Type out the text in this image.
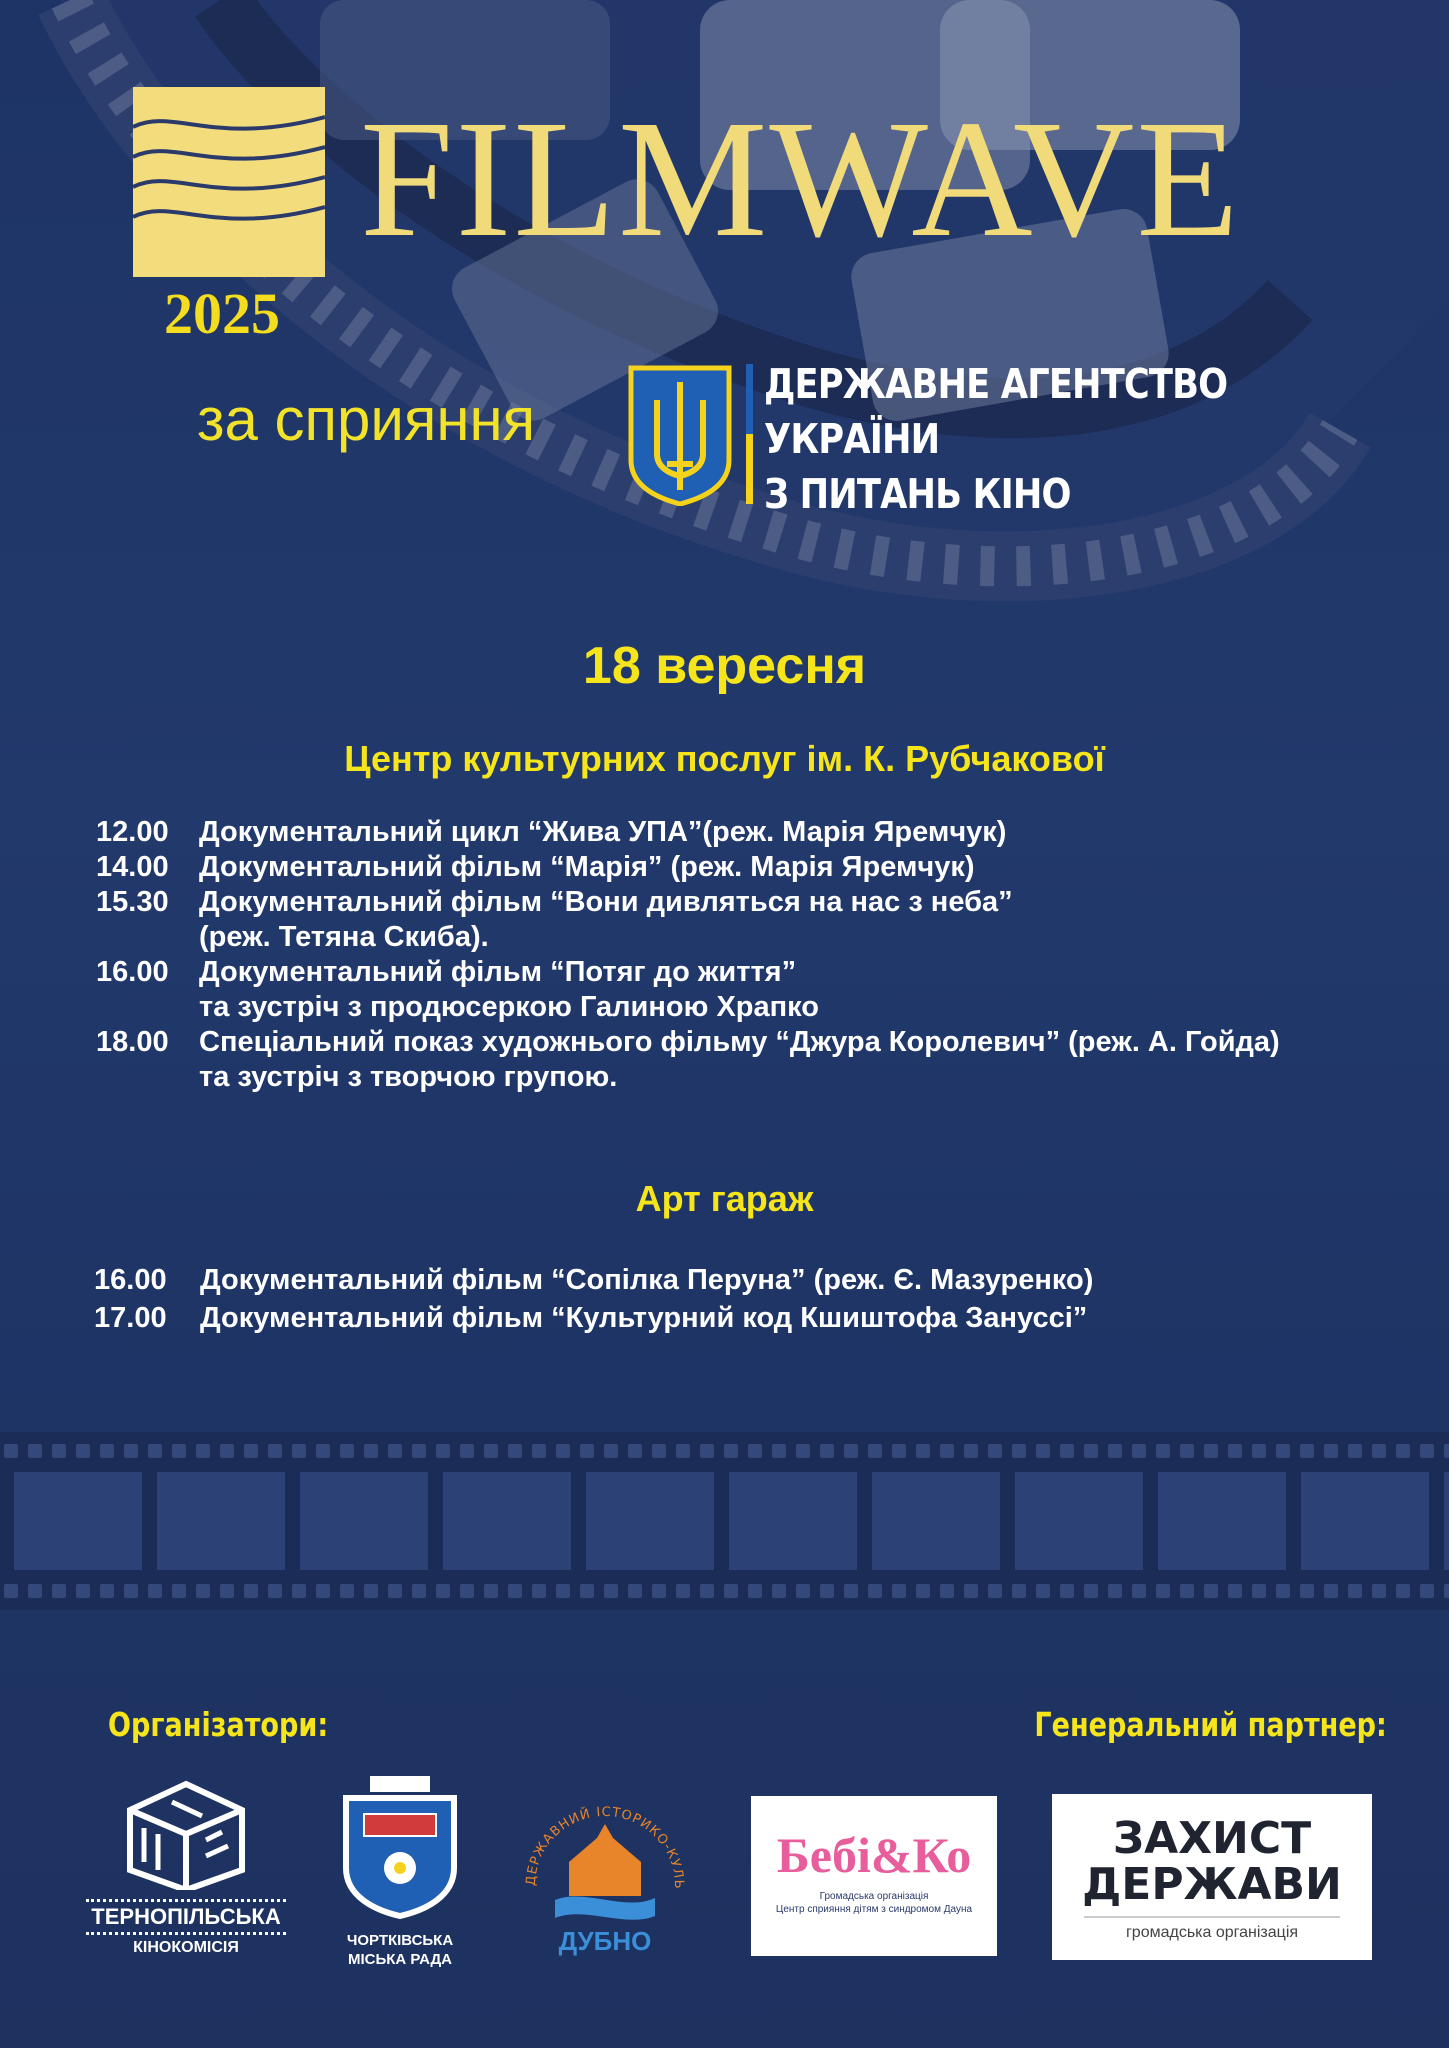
FILMWAVE
2025
за сприяння
ДЕРЖАВНЕ АГЕНТСТВО
УКРАЇНИ
З ПИТАНЬ КІНО
18 вересня
Центр культурних послуг ім. К. Рубчакової
12.00	Документальний цикл “Жива УПА”(реж. Марія Яремчук)
14.00	Документальний фільм “Марія” (реж. Марія Яремчук)
15.30	Документальний фільм “Вони дивляться на нас з неба”
(реж. Тетяна Скиба).
16.00	Документальний фільм “Потяг до життя”
та зустріч з продюсеркою Галиною Храпко
18.00	Спеціальний показ художнього фільму “Джура Королевич” (реж. А. Гойда)
та зустріч з творчою групою.
Арт гараж
16.00	Документальний фільм “Сопілка Перуна” (реж. Є. Мазуренко)
17.00	Документальний фільм “Культурний код Кшиштофа Занусcі”
Організатори:	Генеральний партнер:
ТЕРНОПІЛЬСЬКА
КІНОКОМІСІЯ	ЧОРТКІВСЬКА
МІСЬКА РАДА
ДЕРЖАВНИЙ ІСТОРИКО-КУЛЬ
ДУБНО
Бебі&Ко
Громадська організація
Центр сприяння дітям з синдромом Дауна
ЗАХИСТ
ДЕРЖАВИ
громадська організація
